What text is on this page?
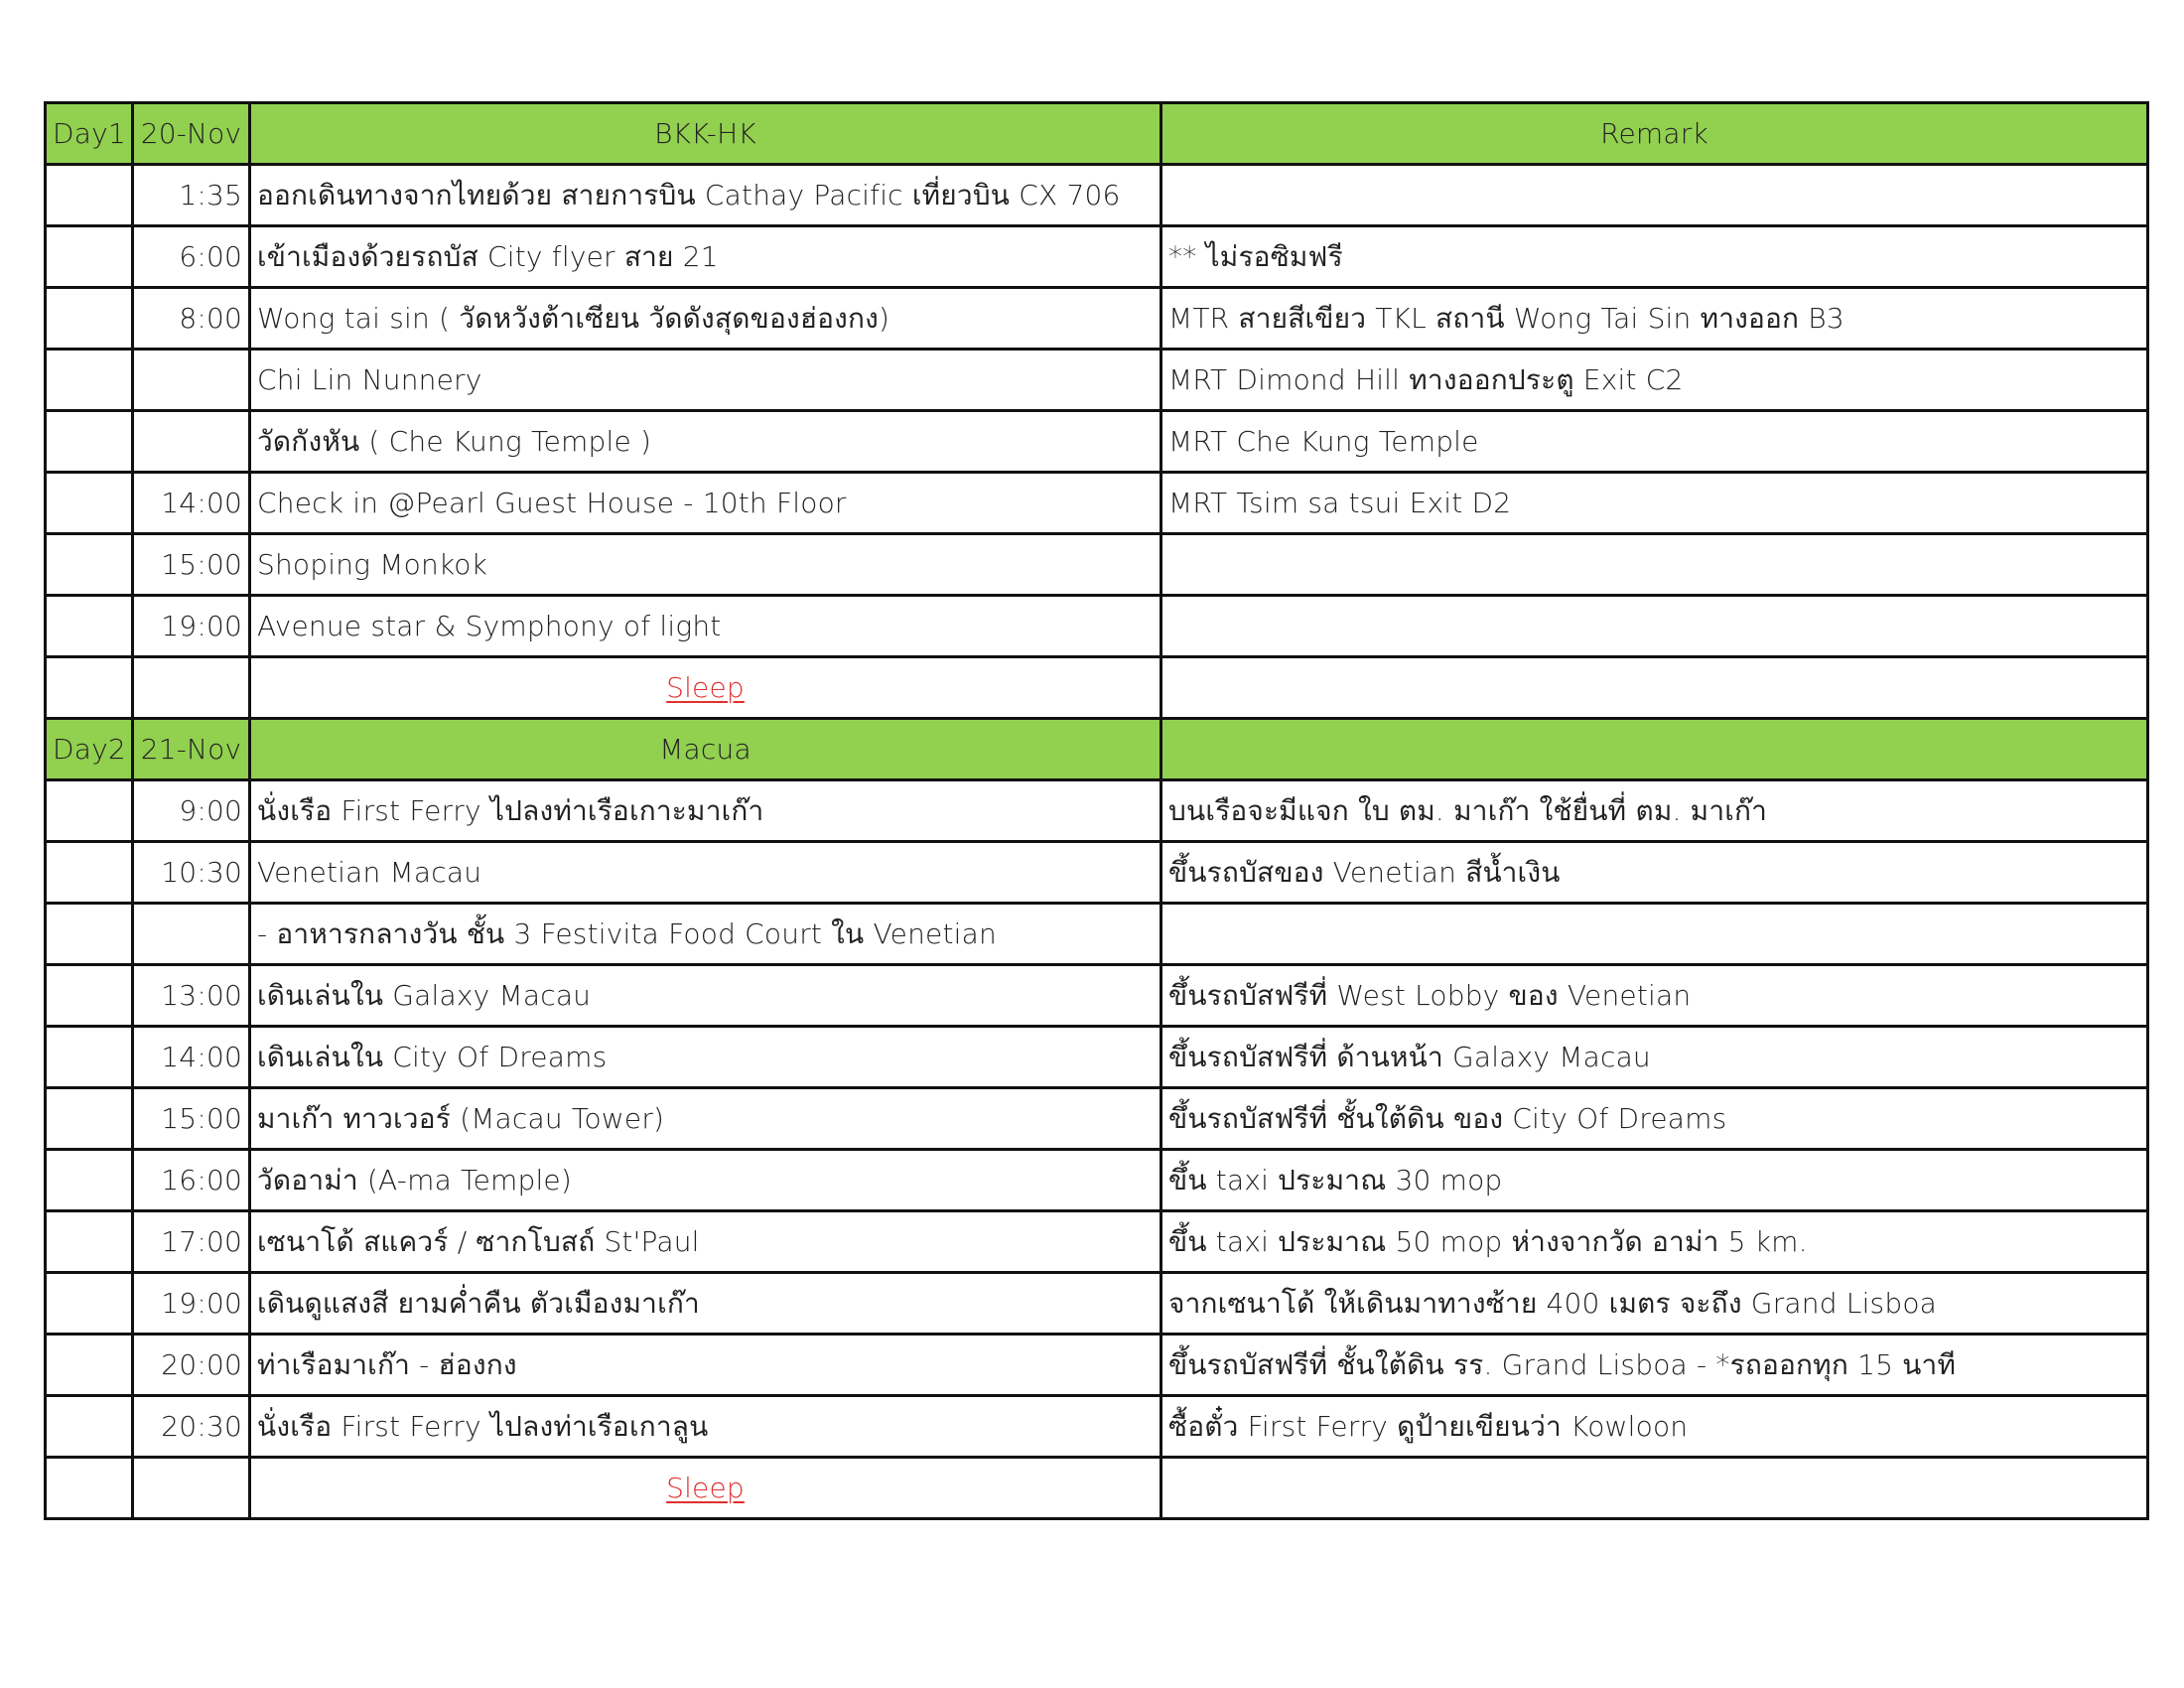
Day1	20-Nov	BKK-HK	Remark
	1:35	ออกเดินทางจากไทยด้วย สายการบิน Cathay Pacific เที่ยวบิน CX 706	
	6:00	เข้าเมืองด้วยรถบัส City flyer สาย 21	** ไม่รอซิมฟรี
	8:00	Wong tai sin ( วัดหวังต้าเซียน วัดดังสุดของฮ่องกง)	MTR สายสีเขียว TKL สถานี Wong Tai Sin ทางออก B3
		Chi Lin Nunnery	MRT Dimond Hill ทางออกประตู Exit C2
		วัดกังหัน ( Che Kung Temple )	MRT Che Kung Temple
	14:00	Check in @Pearl Guest House - 10th Floor	MRT Tsim sa tsui Exit D2
	15:00	Shoping Monkok	
	19:00	Avenue star & Symphony of light	
		Sleep	
Day2	21-Nov	Macua	
	9:00	นั่งเรือ First Ferry ไปลงท่าเรือเกาะมาเก๊า	บนเรือจะมีแจก ใบ ตม. มาเก๊า ใช้ยื่นที่ ตม. มาเก๊า
	10:30	Venetian Macau	ขึ้นรถบัสของ Venetian สีน้ำเงิน
		- อาหารกลางวัน ชั้น 3 Festivita Food Court ใน Venetian	
	13:00	เดินเล่นใน Galaxy Macau	ขึ้นรถบัสฟรีที่ West Lobby ของ Venetian
	14:00	เดินเล่นใน City Of Dreams	ขึ้นรถบัสฟรีที่ ด้านหน้า Galaxy Macau
	15:00	มาเก๊า ทาวเวอร์ (Macau Tower)	ขึ้นรถบัสฟรีที่ ชั้นใต้ดิน ของ City Of Dreams
	16:00	วัดอาม่า (A-ma Temple)	ขึ้น taxi ประมาณ 30 mop
	17:00	เซนาโด้ สแควร์ / ซากโบสถ์ St'Paul	ขึ้น taxi ประมาณ 50 mop ห่างจากวัด อาม่า 5 km.
	19:00	เดินดูแสงสี ยามค่ำคืน ตัวเมืองมาเก๊า	จากเซนาโด้ ให้เดินมาทางซ้าย 400 เมตร จะถึง Grand Lisboa
	20:00	ท่าเรือมาเก๊า - ฮ่องกง	ขึ้นรถบัสฟรีที่ ชั้นใต้ดิน รร. Grand Lisboa - *รถออกทุก 15 นาที
	20:30	นั่งเรือ First Ferry ไปลงท่าเรือเกาลูน	ซื้อตั๋ว First Ferry ดูป้ายเขียนว่า Kowloon
		Sleep	
